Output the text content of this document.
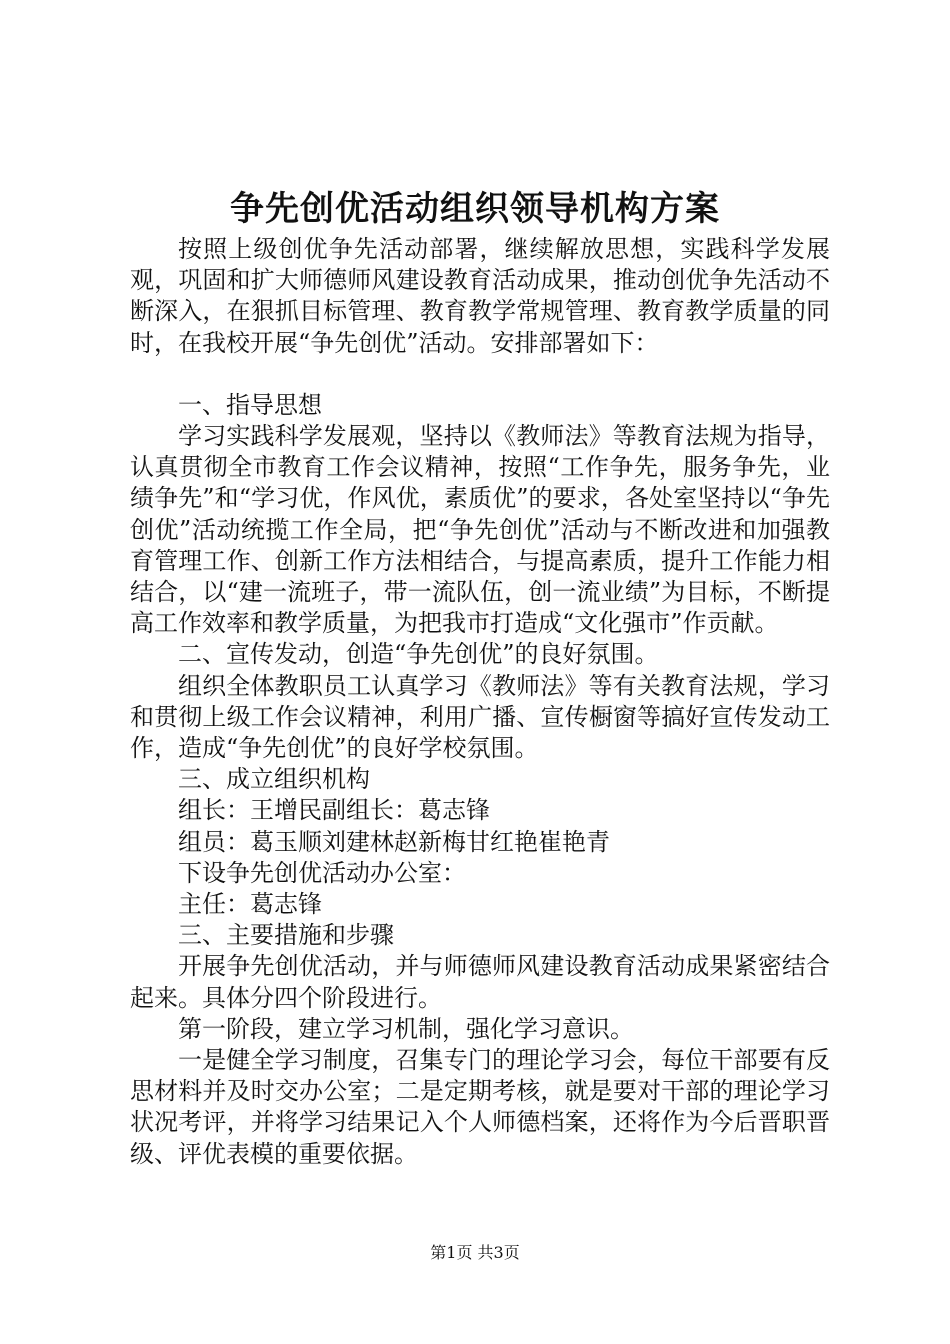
争先创优活动组织领导机构方案

按照上级创优争先活动部署，继续解放思想，实践科学发展观，巩固和扩大师德师风建设教育活动成果，推动创优争先活动不断深入，在狠抓目标管理、教育教学常规管理、教育教学质量的同时，在我校开展“争先创优”活动。安排部署如下：

一、指导思想

学习实践科学发展观，坚持以《教师法》等教育法规为指导，认真贯彻全市教育工作会议精神，按照“工作争先，服务争先，业绩争先”和“学习优，作风优，素质优”的要求，各处室坚持以“争先创优”活动统揽工作全局，把“争先创优”活动与不断改进和加强教育管理工作、创新工作方法相结合，与提高素质，提升工作能力相结合，以“建一流班子，带一流队伍，创一流业绩”为目标，不断提高工作效率和教学质量，为把我市打造成“文化强市”作贡献。

二、宣传发动，创造“争先创优”的良好氛围。

组织全体教职员工认真学习《教师法》等有关教育法规，学习和贯彻上级工作会议精神，利用广播、宣传橱窗等搞好宣传发动工作，造成“争先创优”的良好学校氛围。

三、成立组织机构

组长：王增民副组长：葛志锋

组员：葛玉顺刘建林赵新梅甘红艳崔艳青

下设争先创优活动办公室：

主任：葛志锋

三、主要措施和步骤

开展争先创优活动，并与师德师风建设教育活动成果紧密结合起来。具体分四个阶段进行。

第一阶段，建立学习机制，强化学习意识。

一是健全学习制度，召集专门的理论学习会，每位干部要有反思材料并及时交办公室；二是定期考核，就是要对干部的理论学习状况考评，并将学习结果记入个人师德档案，还将作为今后晋职晋级、评优表模的重要依据。

第1页 共3页
